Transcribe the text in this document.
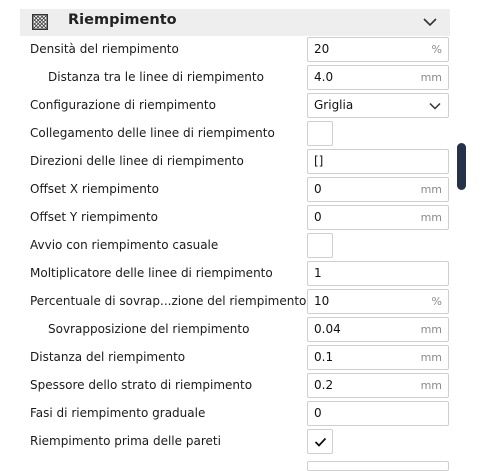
Riempimento
Densità del riempimento	20	%
Distanza tra le linee di riempimento	4.0	mm
Configurazione di riempimento	Griglia
Collegamento delle linee di riempimento
Direzioni delle linee di riempimento	[]
Offset X riempimento	0	mm
Offset Y riempimento	0	mm
Avvio con riempimento casuale
Moltiplicatore delle linee di riempimento	1
Percentuale di sovrap...zione del riempimento 10	%
Sovrapposizione del riempimento	0.04	mm
Distanza del riempimento	0.1	mm
Spessore dello strato di riempimento	0.2	mm
Fasi di riempimento graduale	0
Riempimento prima delle pareti
